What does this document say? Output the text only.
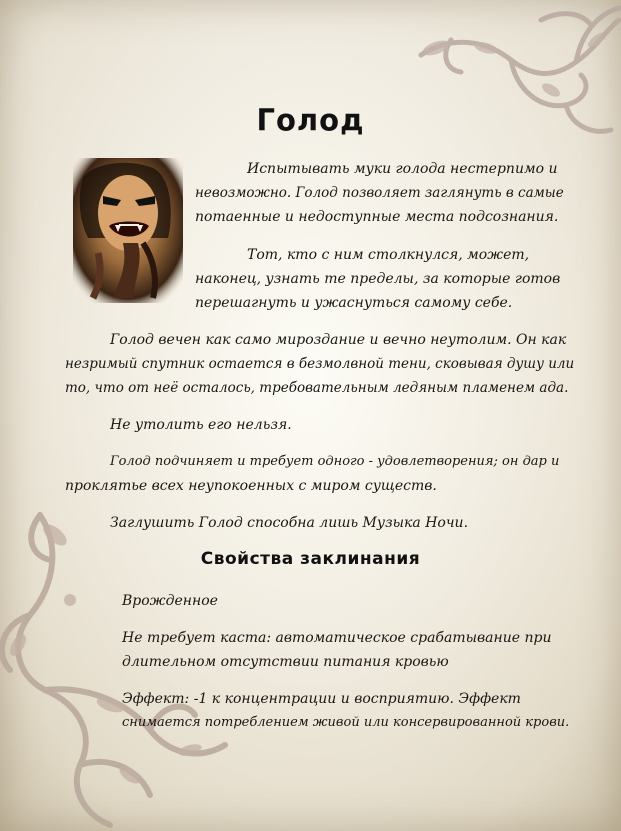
Голод
Испытывать муки голода нестерпимо и
невозможно. Голод позволяет заглянуть в самые
потаенные и недоступные места подсознания.
Тот, кто с ним столкнулся, может,
наконец, узнать те пределы, за которые готов
перешагнуть и ужаснуться самому себе.
Голод вечен как само мироздание и вечно неутолим. Он как
незримый спутник остается в безмолвной тени, сковывая душу или
то, что от неё осталось, требовательным ледяным пламенем ада.
Не утолить его нельзя.
Голод подчиняет и требует одного - удовлетворения; он дар и
проклятье всех неупокоенных с миром существ.
Заглушить Голод способна лишь Музыка Ночи.
Свойства заклинания
Врожденное
Не требует каста: автоматическое срабатывание при
длительном отсутствии питания кровью
Эффект: -1 к концентрации и восприятию. Эффект
снимается потреблением живой или консервированной крови.
